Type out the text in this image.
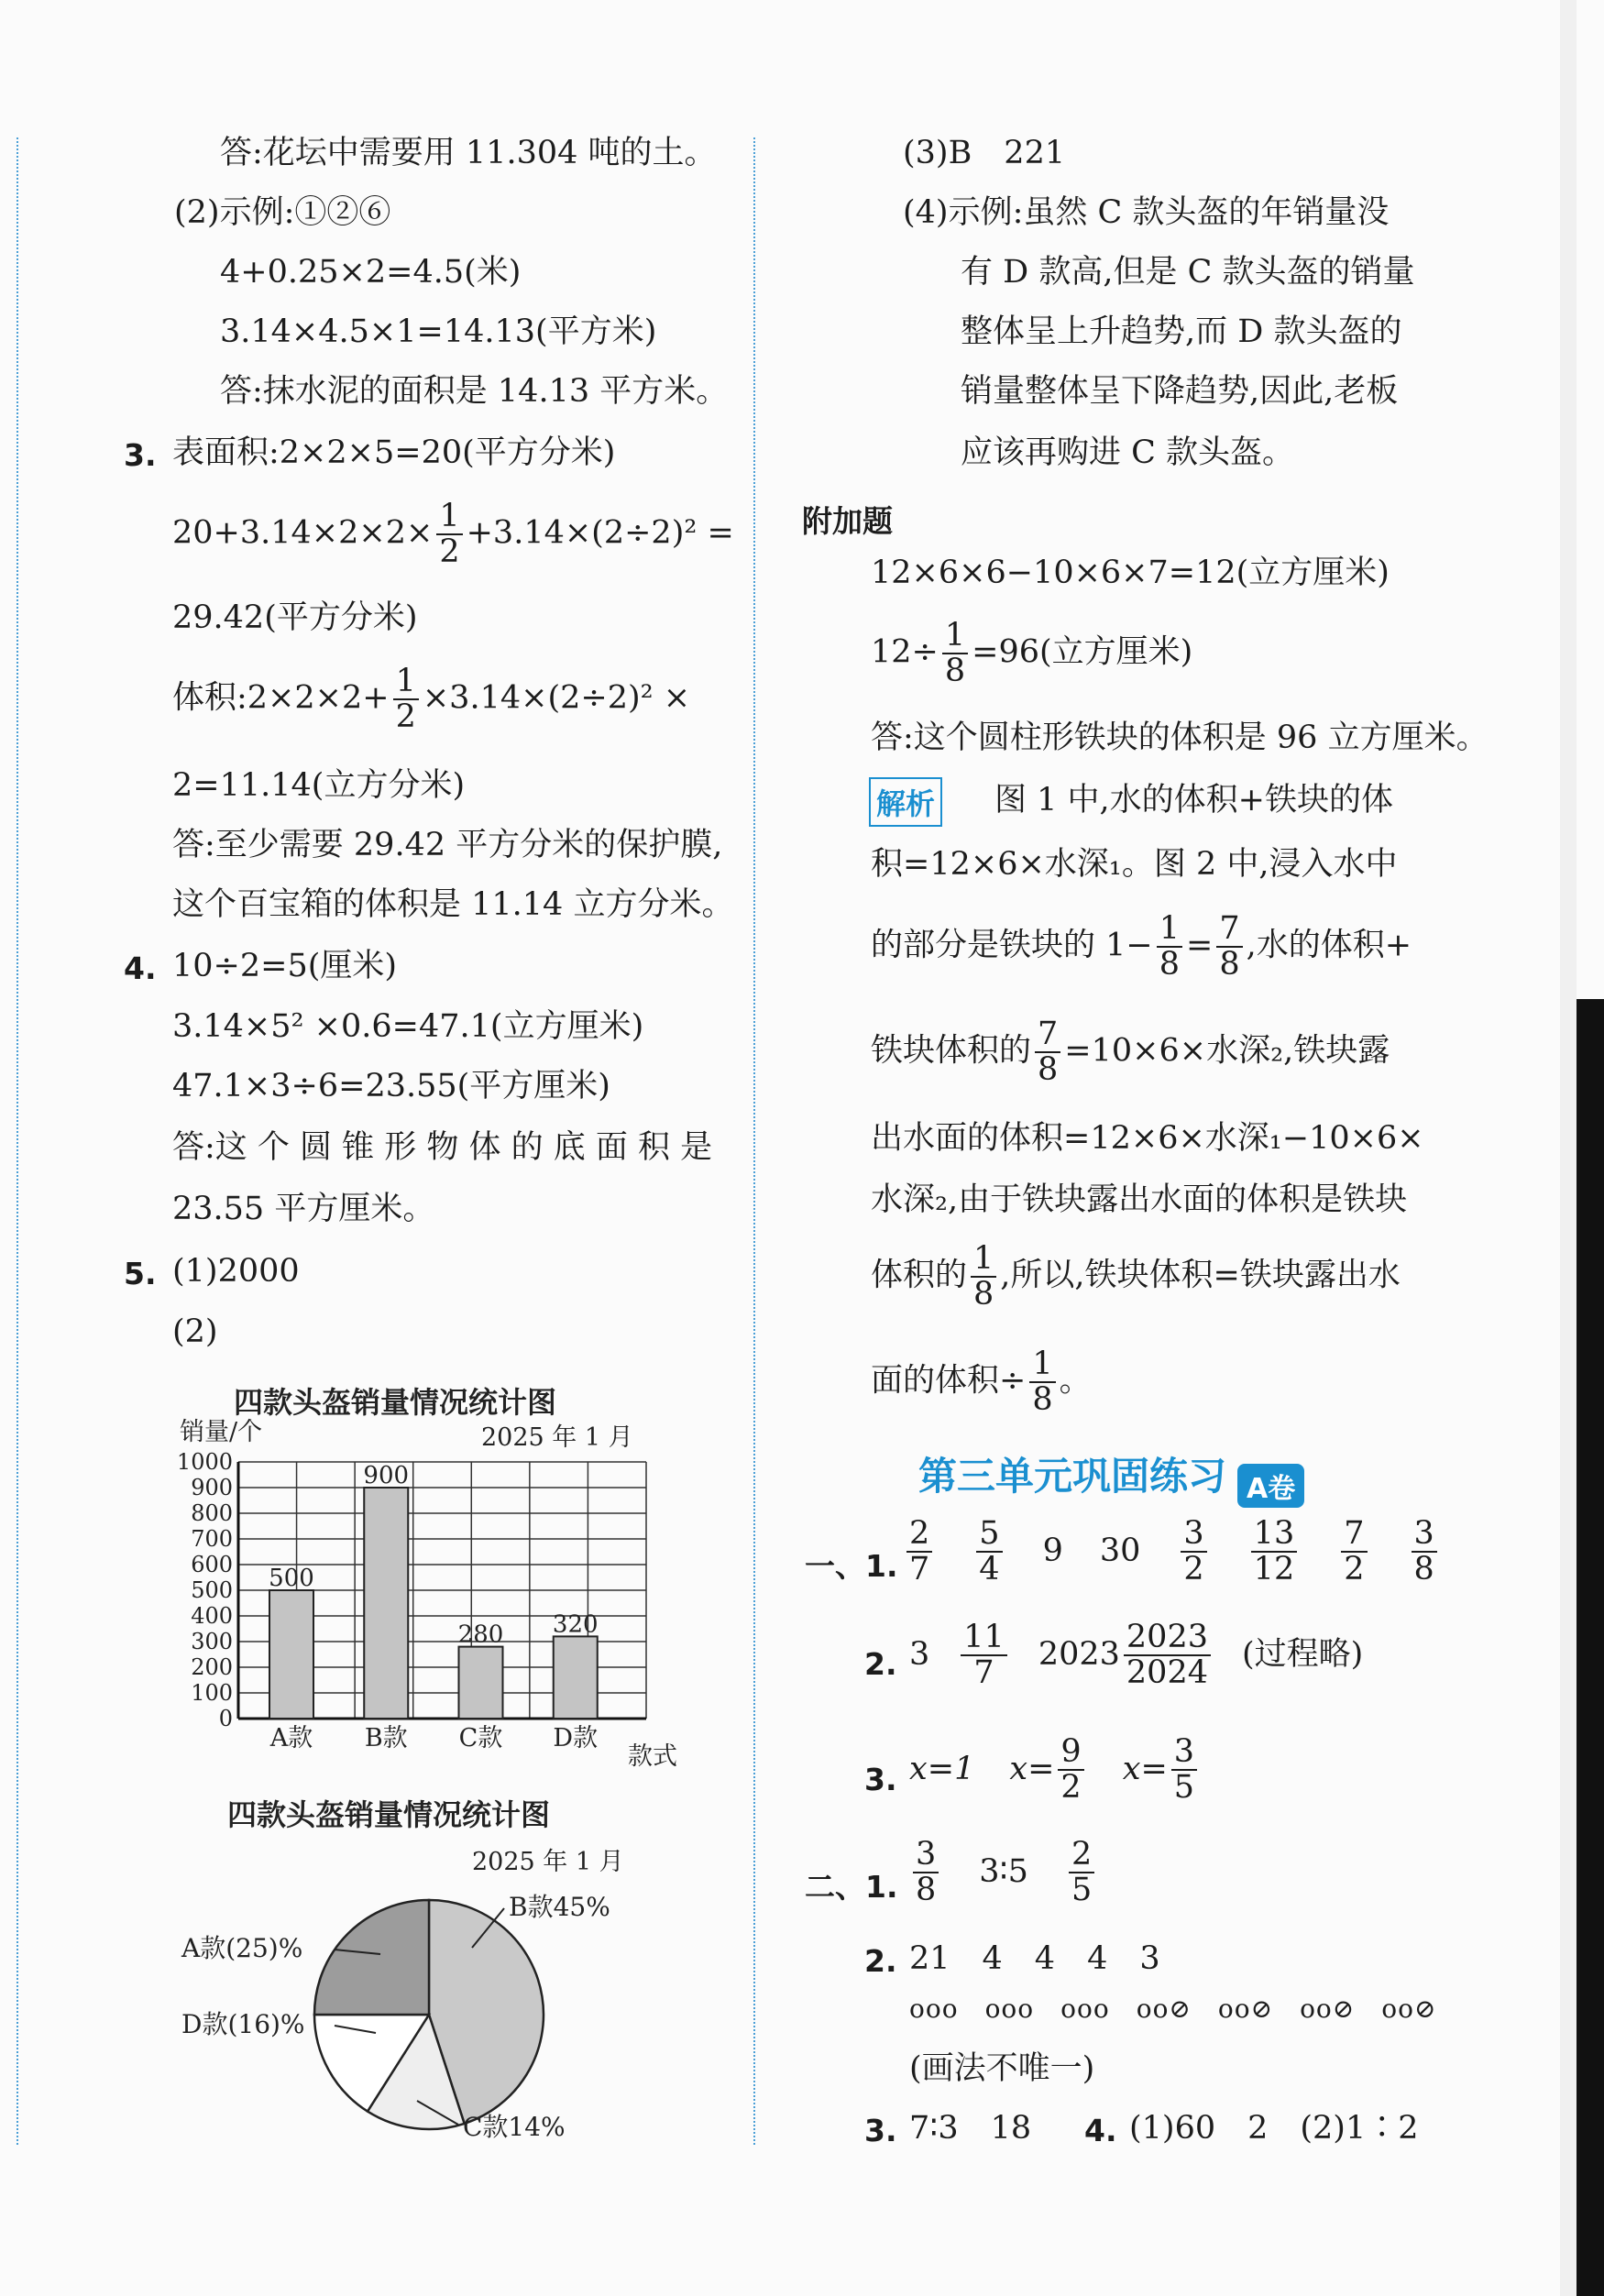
答:花坛中需要用 11.304 吨的土。
(2)示例:①②⑥
4+0.25×2=4.5(米)
3.14×4.5×1=14.13(平方米)
答:抹水泥的面积是 14.13 平方米。
3. 表面积:2×2×5=20(平方分米)
$20+3.14\times 2\times 2\times \frac{1}{2} +3.14\times(2\div 2)^2$ =
29.42(平方分米)
体积:2×2×2+ $\frac{1}{2} \times 3.14\times(2\div 2)^2$ ×
2=11.14(立方分米)
答:至少需要 29.42 平方分米的保护膜,
这个百宝箱的体积是 11.14 立方分米。
4. 10÷2=5(厘米)
3.14×5² ×0.6=47.1(立方厘米)
47.1×3÷6=23.55(平方厘米)
答:这 个 圆 锥 形 物 体 的 底 面 积 是
23.55 平方厘米。
5. (1)2000
(2)
四款头盔销量情况统计图
1000
900
800
700
600
500
400
300
200
100
0
500
A款
900
B款
280
C款
320
D款
销量/个	2025 年 1 月
款式
四款头盔销量情况统计图
B款45%
C款14%
D款(16)%
A款(25)%
2025 年 1 月
(3)B　221
(4)示例:虽然 C 款头盔的年销量没
有 D 款高,但是 C 款头盔的销量
整体呈上升趋势,而 D 款头盔的
销量整体呈下降趋势,因此,老板
应该再购进 C 款头盔。
附加题
12×6×6−10×6×7=12(立方厘米)
$12\div \frac{1}{8} =96$(立方厘米)
答:这个圆柱形铁块的体积是 96 立方厘米。
解析 图 1 中,水的体积+铁块的体
积=12×6×水深₁。图 2 中,浸入水中
的部分是铁块的 $1- \frac{1}{8} = \frac{7}{8}$ ,水的体积+
铁块体积的 $\frac{7}{8} =10\times 6\times$水深₂,铁块露
出水面的体积=12×6×水深₁−10×6×
水深₂,由于铁块露出水面的体积是铁块
体积的 $\frac{1}{8}$ ,所以,铁块体积=铁块露出水
面的体积÷ $\frac{1}{8}$ 。
第三单元巩固练习 A卷
一、1. $\frac{2}{7} \frac{5}{4} 9$ $30 \frac{3}{2} \frac{13}{12} \frac{7}{2} \frac{3}{8}$
2. $3 \frac{11}{7} 2023 \frac{2023}{2024}$ (过程略)
3. x=1 $x= \frac{9}{2} x= \frac{3}{5}$
二、1. $\frac{3}{8}$ 3∶5 $\frac{2}{5}$
2. 21　4　4　4　3
ooo　ooo　ooo　oo⊘　oo⊘　oo⊘　oo⊘
(画法不唯一)
3. 7∶3　18 4. (1)60　2　(2)1∶2
